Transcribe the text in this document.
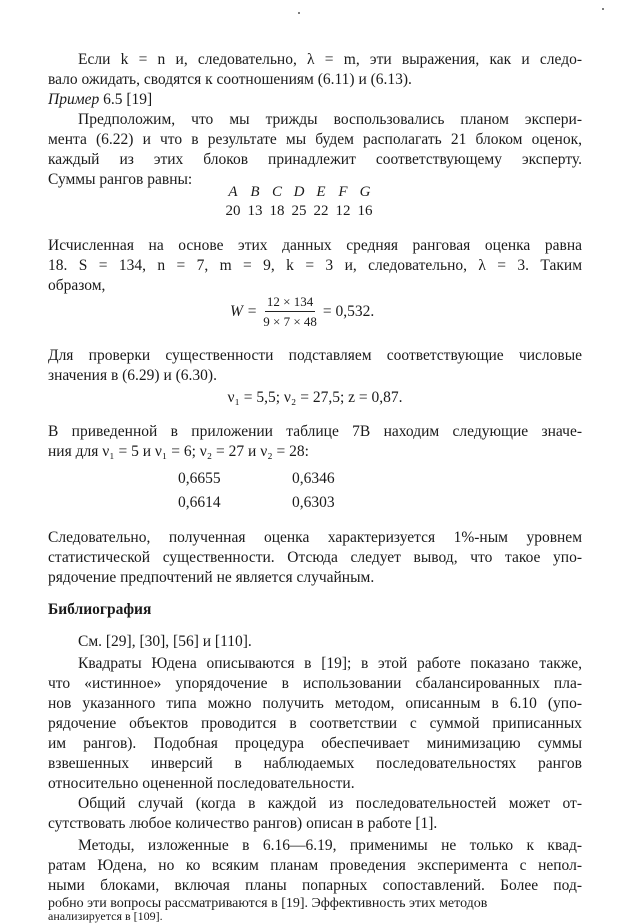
Если k = n и, следовательно, λ = m, эти выражения, как и следо-
вало ожидать, сводятся к соотношениям (6.11) и (6.13).
Пример 6.5 [19]
Предположим, что мы трижды воспользовались планом экспери-
мента (6.22) и что в результате мы будем располагать 21 блоком оценок,
каждый из этих блоков принадлежит соответствующему эксперту.
Суммы рангов равны:
A	B	C	D	E	F	G
20	13	18	25	22	12	16
Исчисленная на основе этих данных средняя ранговая оценка равна
18. S = 134, n = 7, m = 9, k = 3 и, следовательно, λ = 3. Таким
образом,
$W = \frac{12 \times 134}{9 \times 7 \times 48} = 0,532$.
Для проверки существенности подставляем соответствующие числовые
значения в (6.29) и (6.30).
ν₁ = 5,5; ν₂ = 27,5; z = 0,87.
В приведенной в приложении таблице 7В находим следующие значе-
ния для ν₁ = 5 и ν₁ = 6; ν₂ = 27 и ν₂ = 28:
0,6655	0,6346
0,6614	0,6303
Следовательно, полученная оценка характеризуется 1%-ным уровнем
статистической существенности. Отсюда следует вывод, что такое упо-
рядочение предпочтений не является случайным.
Библиография
См. [29], [30], [56] и [110].
Квадраты Юдена описываются в [19]; в этой работе показано также,
что «истинное» упорядочение в использовании сбалансированных пла-
нов указанного типа можно получить методом, описанным в 6.10 (упо-
рядочение объектов проводится в соответствии с суммой приписанных
им рангов). Подобная процедура обеспечивает минимизацию суммы
взвешенных инверсий в наблюдаемых последовательностях рангов
относительно оцененной последовательности.
Общий случай (когда в каждой из последовательностей может от-
сутствовать любое количество рангов) описан в работе [1].
Методы, изложенные в 6.16—6.19, применимы не только к квад-
ратам Юдена, но ко всяким планам проведения эксперимента с непол-
ными блоками, включая планы попарных сопоставлений. Более под-
робно эти вопросы рассматриваются в [19]. Эффективность этих методов
анализируется в [109].
